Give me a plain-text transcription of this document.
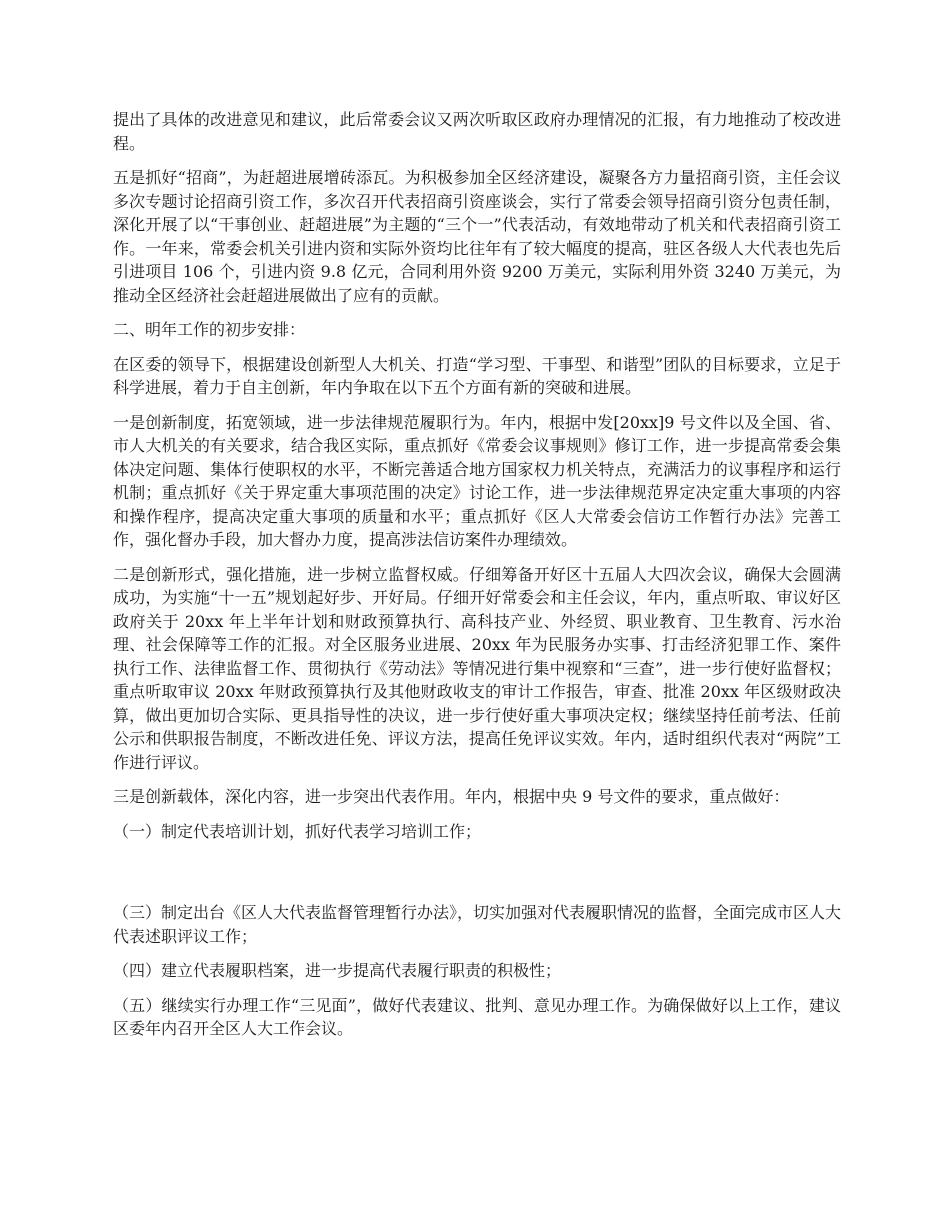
提出了具体的改进意见和建议，此后常委会议又两次听取区政府办理情况的汇报，有力地推动了校改进程。

五是抓好“招商”，为赶超进展增砖添瓦。为积极参加全区经济建设，凝聚各方力量招商引资，主任会议多次专题讨论招商引资工作，多次召开代表招商引资座谈会，实行了常委会领导招商引资分包责任制，深化开展了以“干事创业、赶超进展”为主题的“三个一”代表活动，有效地带动了机关和代表招商引资工作。一年来，常委会机关引进内资和实际外资均比往年有了较大幅度的提高，驻区各级人大代表也先后引进项目 106 个，引进内资 9.8 亿元，合同利用外资 9200 万美元，实际利用外资 3240 万美元，为推动全区经济社会赶超进展做出了应有的贡献。

二、明年工作的初步安排：

在区委的领导下，根据建设创新型人大机关、打造“学习型、干事型、和谐型”团队的目标要求，立足于科学进展，着力于自主创新，年内争取在以下五个方面有新的突破和进展。

一是创新制度，拓宽领域，进一步法律规范履职行为。年内，根据中发[20xx]9 号文件以及全国、省、市人大机关的有关要求，结合我区实际，重点抓好《常委会议事规则》修订工作，进一步提高常委会集体决定问题、集体行使职权的水平，不断完善适合地方国家权力机关特点，充满活力的议事程序和运行机制；重点抓好《关于界定重大事项范围的决定》讨论工作，进一步法律规范界定决定重大事项的内容和操作程序，提高决定重大事项的质量和水平；重点抓好《区人大常委会信访工作暂行办法》完善工作，强化督办手段，加大督办力度，提高涉法信访案件办理绩效。

二是创新形式，强化措施，进一步树立监督权威。仔细筹备开好区十五届人大四次会议，确保大会圆满成功，为实施“十一五”规划起好步、开好局。仔细开好常委会和主任会议，年内，重点听取、审议好区政府关于 20xx 年上半年计划和财政预算执行、高科技产业、外经贸、职业教育、卫生教育、污水治理、社会保障等工作的汇报。对全区服务业进展、20xx 年为民服务办实事、打击经济犯罪工作、案件执行工作、法律监督工作、贯彻执行《劳动法》等情况进行集中视察和“三查”，进一步行使好监督权；重点听取审议 20xx 年财政预算执行及其他财政收支的审计工作报告，审查、批准 20xx 年区级财政决算，做出更加切合实际、更具指导性的决议，进一步行使好重大事项决定权；继续坚持任前考法、任前公示和供职报告制度，不断改进任免、评议方法，提高任免评议实效。年内，适时组织代表对“两院”工作进行评议。

三是创新载体，深化内容，进一步突出代表作用。年内，根据中央 9 号文件的要求，重点做好：

（一）制定代表培训计划，抓好代表学习培训工作；

（三）制定出台《区人大代表监督管理暂行办法》，切实加强对代表履职情况的监督，全面完成市区人大代表述职评议工作；

（四）建立代表履职档案，进一步提高代表履行职责的积极性；

（五）继续实行办理工作“三见面”，做好代表建议、批判、意见办理工作。为确保做好以上工作，建议区委年内召开全区人大工作会议。
